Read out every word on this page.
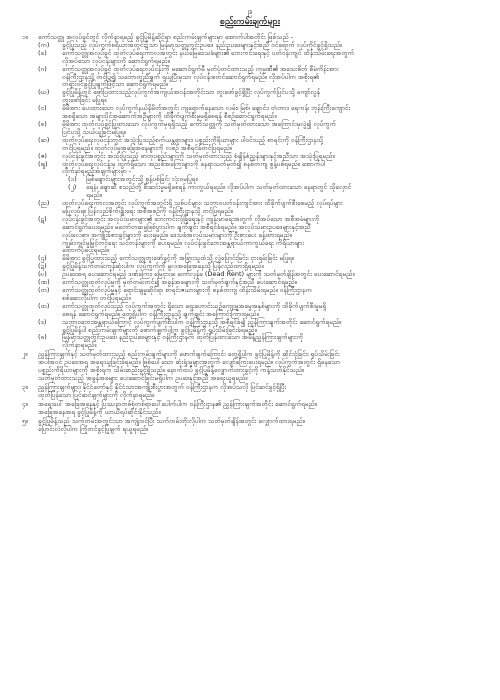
၉
စည်းကမ်းချက်များ
၁။	ကော်သတ္တု အလုပ်ခွင်တွင် လိုက်နာရမည့် ခွင့်ပြုမိန့်ဆိုင်ရာ စည်းကမ်းချက်များမှာ အောက်ပါအတိုင်း ဖြစ်သည် -
(က)	ခွင့်ပြုသည့် လုပ်ကွက်စရိယာအတွင်း၌သာ မြန်မာ့သတ္တုတွင်းဥပဒေ နည်းဥပဒေများနှင့်အညီ ဝင်ရောက် လုပ်ကိုင်ခွင့်ရှိသည်။
(ခ)	ကော်သတ္တုအလုပ်ခွင် ထုတ်လုပ်ရေးကာလအတွင်း နယ်မြေဒေသခံများ၏ ဘေးကင်းရေးနှင့် ပတ်ဝန်းကျင် ထိန်းသိမ်းရေးအတွက်
လိုအပ်သော လုပ်ငန်းများကို ဆောင်ရွက်ရမည်။
(ဂ)	ကော်သတ္တုအလုပ်ခွင် ထုတ်လုပ်ရေးလုပ်ငန်းကို မဆောင်ရွက်မီ မှတ်ပုံတင်ထားသည့် ကုမ္ပဏီ၏ အသေးစိတ် စီမံကိန်းအား
ဝန်ကြီးဌာနသို့ တင်ပြ၍ သဘောတူညီချက် ရယူပြီးမှသာ လုပ်ငန်းစတင်ဆောင်ရွက်ရမည်။ လိုအပ်ပါက အစိုးရ၏
တရားဝင်ခွင့်ပြုချက်ဖြင့်သာ ဆောင်ရွက်ရမည်။
(ဃ)	ခွင့်ပြုမိန့်တွင် ဖော်ပြထားသည့်လုပ်ကွက်အကျယ်အဝန်းအတိုင်းသာ တူးဖော်ခွင့်ရှိပြီး လုပ်ကွက်ပြင်ပသို့ ကျော်လွန်
တူးဖော်ခြင်း မပြုရ။
(င)	မိမိအား ပေးထားသော လုပ်ကွက်နယ်နိမိတ်အတွင်း ကျရောက်နေသော လမ်း၊ မြစ်၊ ချောင်း၊ တံတား၊ ရေကန်၊ ဘုန်းကြီးကျောင်း
အစရှိသော အများပိုင်အဆောက်အဦများကို ထိခိုက်ပျက်စီးမှုမရှိစေရန် စီစဉ်ဆောင်ရွက်ရမည်။
(စ)	မိမိအား ထုတ်လုပ်ခွင့်ပြုထားသော လုပ်ကွက်မှရရှိသည့် ကော်သတ္တုကို သတ်မှတ်ထားသော အကြောင်းမှလွဲ၍ လုပ်ကွက်
ပြင်ပသို့ သယ်ယူခြင်းမပြုရ။
(ဆ)	ထုတ်လုပ်ရေးလုပ်ငန်းတွင် အသုံးပြုသည့်စက်ယန္တရားများ၊ ပစ္စည်းကိရိယာများ ပါဝင်သည့် စာရင်းကို ဝန်ကြီးဌာနသို့
တင်ပြရမည်။ ထုတ်လုပ်မှုအခြေအနေများကို လစဉ် အစီရင်ခံတင်ပြရမည်။
(ဇ)	လုပ်ငန်းခွင်အတွင်း အသုံးပြုသည့် ဓာတုပစ္စည်းများကို သတ်မှတ်ထားသည့် စံချိန်စံညွှန်းများနှင့်အညီသာ အသုံးပြုရမည်။
(ဈ)	ထုတ်လုပ်ရေးလုပ်ငန်းမှ ထွက်ရှိသော အညစ်အကြေးများကို နေရာသတ်မှတ်၍ စနစ်တကျ စွန့်ပစ်ရမည်။ အောက်ပါ
လိုက်နာရမည့်အချက်များမှာ -
(၁)	မြစ်ချောင်းများအတွင်းသို့ စွန့်ပစ်ခြင်း လုံးဝမပြုရ။
(၂)	ရေနံ၊ ချောဆီ စသည်တို့ စီးဆင်းမှုမရှိစေရန် ကာကွယ်ရမည်။ လိုအပ်ပါက သတ်မှတ်ထားသော နေရာတွင် သိုလှောင်
ရမည်။
(ည)	ထုတ်လုပ်ရေးကာလအတွင်း လုပ်ကွက်အတွင်းရှိ သစ်ပင်များ၊ သဘာဝပတ်ဝန်းကျင်အား ထိခိုက်ပျက်စီးစေမည့် လုပ်ရပ်များ
မပြုလုပ်ရ။ ပြန်လည်စိုက်ပျိုးရေး အစီအစဉ်ကို ဝန်ကြီးဌာနသို့ တင်ပြရမည်။
(ဋ)	လုပ်ငန်းခွင်အတွင်း အလုပ်သမားများ၏ ဘေးကင်းလုံခြုံရေးနှင့် ကျန်းမာရေးအတွက် လိုအပ်သော အစီအမံများကို
ဆောင်ရွက်ပေးရမည်။ မတော်တဆမှုဖြစ်ပွားပါက ချက်ချင်း အစီရင်ခံရမည်။ အလုပ်သမားဥပဒေများနှင့်အညီ
လုပ်ခလစာ၊ အကျိုးခံစားခွင့်များကို ပေးရမည်။ ဒေသခံအလုပ်သမားများကို ဦးစားပေး ခန့်ထားရမည်။
ကျွမ်းကျင်မှုမြှင့်တင်ရေး သင်တန်းများကို ပေးရမည်။ လုပ်ငန်းခွင်ဘေးအန္တရာယ်ကာကွယ်ရေး ကိရိယာများ
ထောက်ပံ့ပေးရမည်။
(ဌ)	မိမိအား ခွင့်ပြုထားသည့် ကော်သတ္တုတူးဖော်ခွင့်ကို အခြားသူထံသို့ လွှဲပြောင်းခြင်း၊ ငှားရမ်းခြင်း မပြုရ။
(ဍ)	ခွင့်ပြုမိန့်သက်တမ်းကုန်ဆုံးပါက လုပ်ကွက်ကို မူလအခြေအနေသို့ ပြန်လည်ထားရှိရမည်။
(ဎ)	ဥပဒေအရ ပေးဆောင်ရမည့် ဒဏ်ကြေး၊ မြေငှားခ၊ တော်လှန်ခ (Dead Rent) များကို သတ်မှတ်ချိန်အတွင်း ပေးဆောင်ရမည်။
(ဏ)	ကော်သတ္တုထုတ်လုပ်မှုကို မှတ်တမ်းတင်၍ အခွန်အခများကို သတ်မှတ်ချက်နှင့်အညီ ပေးဆောင်ရမည်။
(တ)	ကော်သတ္တုထုတ်လုပ်မှုနှင့် ရောင်းချမှုဆိုင်ရာ စာရင်းဇယားများကို စနစ်တကျ ထိန်းသိမ်းရမည်။ ဝန်ကြီးဌာနက
စစ်ဆေးလိုပါက တင်ပြရမည်။
(ထ)	ကော်သတ္တုထုတ်လုပ်သည့် လုပ်ကွက်အတွင်း ရှိသော ရှေးဟောင်းယဉ်ကျေးမှုအမွေအနှစ်များကို ထိခိုက်ပျက်စီးမှုမရှိ
စေရန် ဆောင်ရွက်ရမည်။ တွေ့ရှိပါက ဝန်ကြီးဌာနသို့ ချက်ချင်း အကြောင်းကြားရမည်။
(ဒ)	သဘာဝဘေးအန္တရာယ်ကြောင့် လုပ်ကွက်ပျက်စီးပါက ဝန်ကြီးဌာနသို့ အစီရင်ခံ၍ ညွှန်ကြားချက်အတိုင်း ဆောင်ရွက်ရမည်။
ခွင့်ပြုမိန့်ပါ စည်းကမ်းချက်များကို ဖောက်ဖျက်ပါက ခွင့်ပြုမိန့်ကို ရုပ်သိမ်းခြင်းခံရမည်။
(ဓ)	မြန်မာ့သတ္တုတွင်းဥပဒေ၊ နည်းဥပဒေများနှင့် ဝန်ကြီးဌာနက ထုတ်ပြန်ထားသော အမိန့်ညွှန်ကြားချက်များကို
လိုက်နာရမည်။
၂။	ညွှန်ကြားချက်နှင့် သတ်မှတ်ထားသည့် စည်းကမ်းချက်များကို ဖောက်ဖျက်ကြောင်း တွေ့ရှိပါက ခွင့်ပြုမိန့်ကို ဆိုင်းငံ့ခြင်း၊ ရုပ်သိမ်းခြင်း
အပါအဝင် ဥပဒေအရ အရေးယူခြင်းခံရမည်။ ဖြစ်ပေါ်သော ဆုံးရှုံးမှုများအတွက် လျော်ကြေးပေးရမည်။ လုပ်ကွက်အတွင်း ရှိနေသော
ပစ္စည်းကိရိယာများကို အစိုးရက သိမ်းဆည်းခွင့်ရှိသည်။ နောက်ထပ် ခွင့်ပြုမိန့်လျှောက်ထားခွင့်ကို ကန့်သတ်နိုင်သည်။
သတ်မှတ်ထားသည့် အခွန်အခများ ပေးဆောင်ခြင်းမရှိပါက ဥပဒေနှင့်အညီ အရေးယူရမည်။
၃။	ညွှန်ကြားချက်များ၊ နိုင်ငံတော်နှင့် နိုင်ငံသားအကျိုးစီးပွားအတွက် ဝန်ကြီးဌာနက လိုအပ်သလို ပြင်ဆင်ခွင့်ရှိပြီး
ထုတ်ပြန်သော ပြင်ဆင်ချက်များကို လိုက်နာရမည်။
၄။	အရေးပေါ် အခြေအနေနှင့် ပြဿနာတစ်စုံတစ်ရာပေါ်ပေါက်ပါက ဝန်ကြီးဌာန၏ ညွှန်ကြားချက်အတိုင်း ဆောင်ရွက်ရမည်။
အခြေအနေအရ ခွင့်ပြုမိန့်ကို ယာယီရပ်ဆိုင်းနိုင်သည်။
၅။	ခွင့်ပြုမိန့်သည် သက်တမ်းအတွင်းသာ အကျုံးဝင်ပြီး သက်တမ်းတိုးလိုပါက သတ်မှတ်ချိန်အတွင်း လျှောက်ထားရမည်။
ပြောင်းလဲလိုပါက ကြိုတင်ခွင့်ပြုချက် ရယူရမည်။
